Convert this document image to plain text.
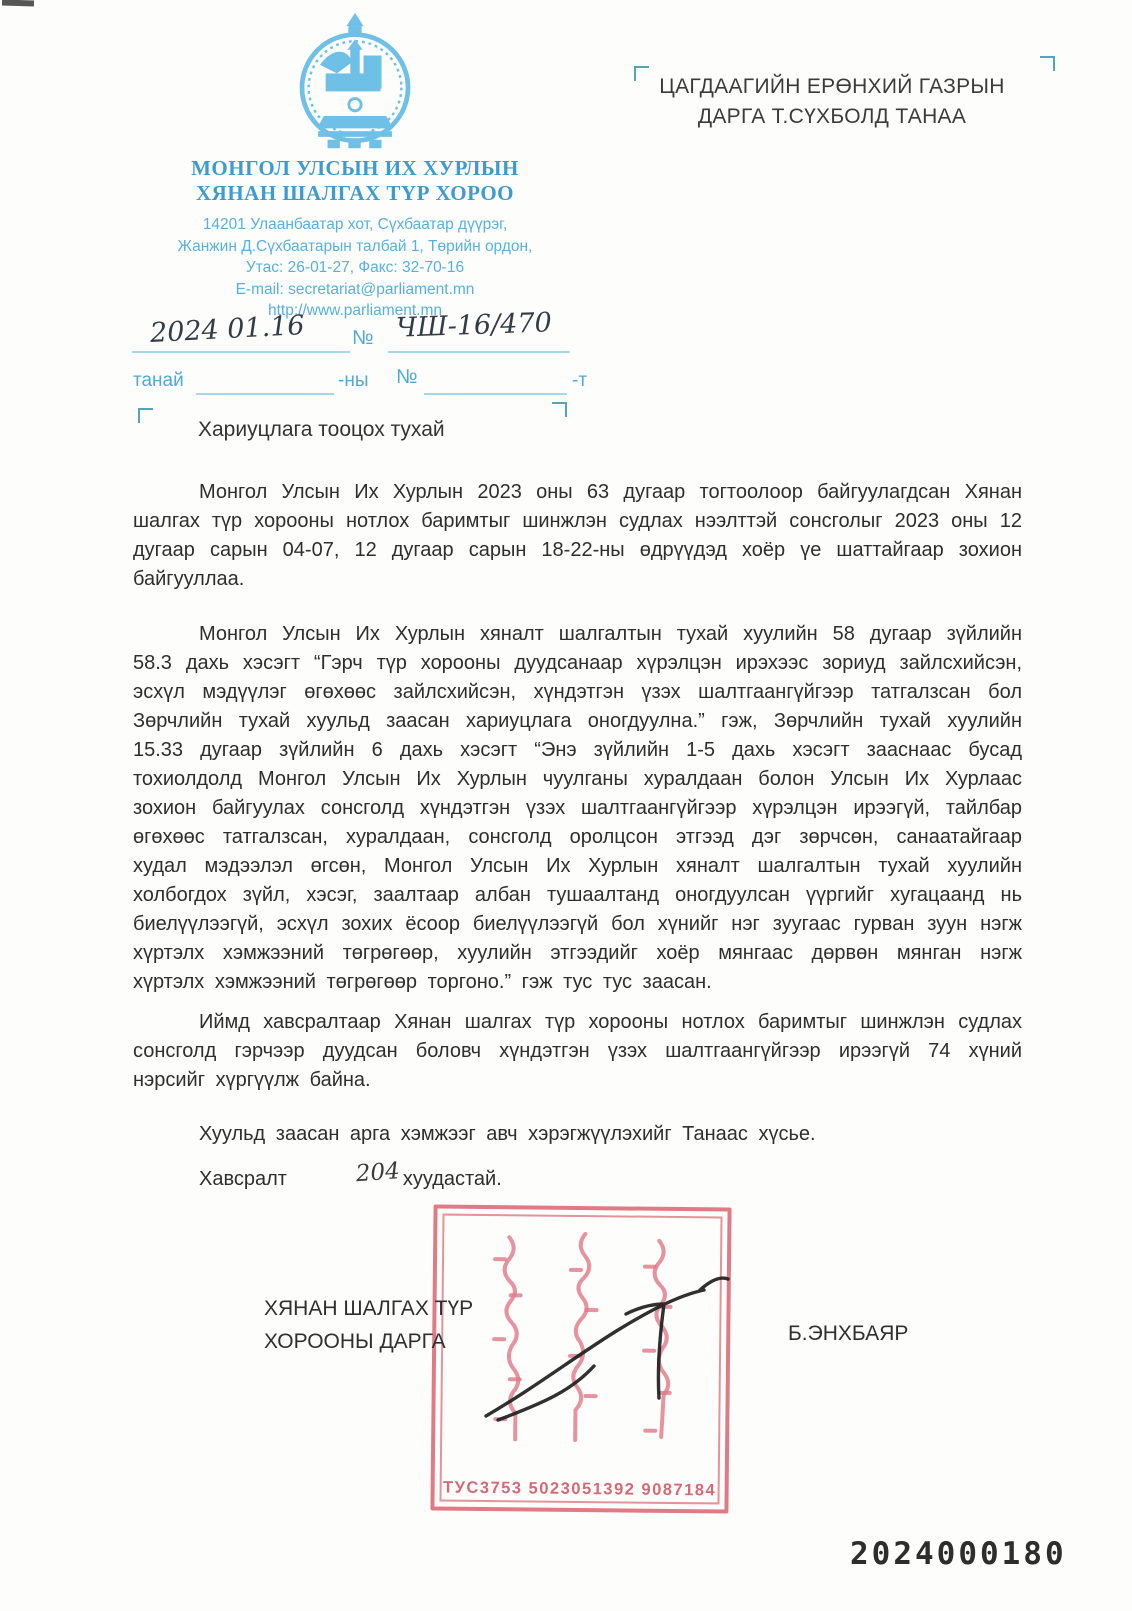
МОНГОЛ УЛСЫН ИХ ХУРЛЫН
ХЯНАН ШАЛГАХ ТҮР ХОРОО
14201 Улаанбаатар хот, Сүхбаатар дүүрэг,
Жанжин Д.Сүхбаатарын талбай 1, Төрийн ордон,
Утас: 26-01-27, Факс: 32-70-16
E-mail: secretariat@parliament.mn
http://www.parliament.mn
2024 01.16 № ЧШ-16/470
танай	-ны №	-т
ЦАГДААГИЙН ЕРӨНХИЙ ГАЗРЫН
ДАРГА Т.СҮХБОЛД ТАНАА
Хариуцлага тооцох тухай
Монгол Улсын Их Хурлын 2023 оны 63 дугаар тогтоолоор байгуулагдсан Хянан шалгах түр хорооны нотлох баримтыг шинжлэн судлах нээлттэй сонсголыг 2023 оны 12 дугаар сарын 04-07, 12 дугаар сарын 18-22-ны өдрүүдэд хоёр үе шаттайгаар зохион байгууллаа.
Монгол Улсын Их Хурлын хяналт шалгалтын тухай хуулийн 58 дугаар зүйлийн 58.3 дахь хэсэгт “Гэрч түр хорооны дуудсанаар хүрэлцэн ирэхээс зориуд зайлсхийсэн, эсхүл мэдүүлэг өгөхөөс зайлсхийсэн, хүндэтгэн үзэх шалтгаангүйгээр татгалзсан бол Зөрчлийн тухай хуульд заасан хариуцлага оногдуулна.” гэж, Зөрчлийн тухай хуулийн 15.33 дугаар зүйлийн 6 дахь хэсэгт “Энэ зүйлийн 1-5 дахь хэсэгт зааснаас бусад тохиолдолд Монгол Улсын Их Хурлын чуулганы хуралдаан болон Улсын Их Хурлаас зохион байгуулах сонсголд хүндэтгэн үзэх шалтгаангүйгээр хүрэлцэн ирээгүй, тайлбар өгөхөөс татгалзсан, хуралдаан, сонсголд оролцсон этгээд дэг зөрчсөн, санаатайгаар худал мэдээлэл өгсөн, Монгол Улсын Их Хурлын хяналт шалгалтын тухай хуулийн холбогдох зүйл, хэсэг, заалтаар албан тушаалтанд оногдуулсан үүргийг хугацаанд нь биелүүлээгүй, эсхүл зохих ёсоор биелүүлээгүй бол хүнийг нэг зуугаас гурван зуун нэгж хүртэлх хэмжээний төгрөгөөр, хуулийн этгээдийг хоёр мянгаас дөрвөн мянган нэгж хүртэлх хэмжээний төгрөгөөр торгоно.” гэж тус тус заасан.
Иймд хавсралтаар Хянан шалгах түр хорооны нотлох баримтыг шинжлэн судлах сонсголд гэрчээр дуудсан боловч хүндэтгэн үзэх шалтгаангүйгээр ирээгүй 74 хүний нэрсийг хүргүүлж байна.
Хуульд заасан арга хэмжээг авч хэрэгжүүлэхийг Танаас хүсье.
Хавсралт	204 хуудастай.
ТУС3753 5023051392 9087184
ХЯНАН ШАЛГАХ ТҮР
ХОРООНЫ ДАРГА	Б.ЭНХБАЯР
2024000180
